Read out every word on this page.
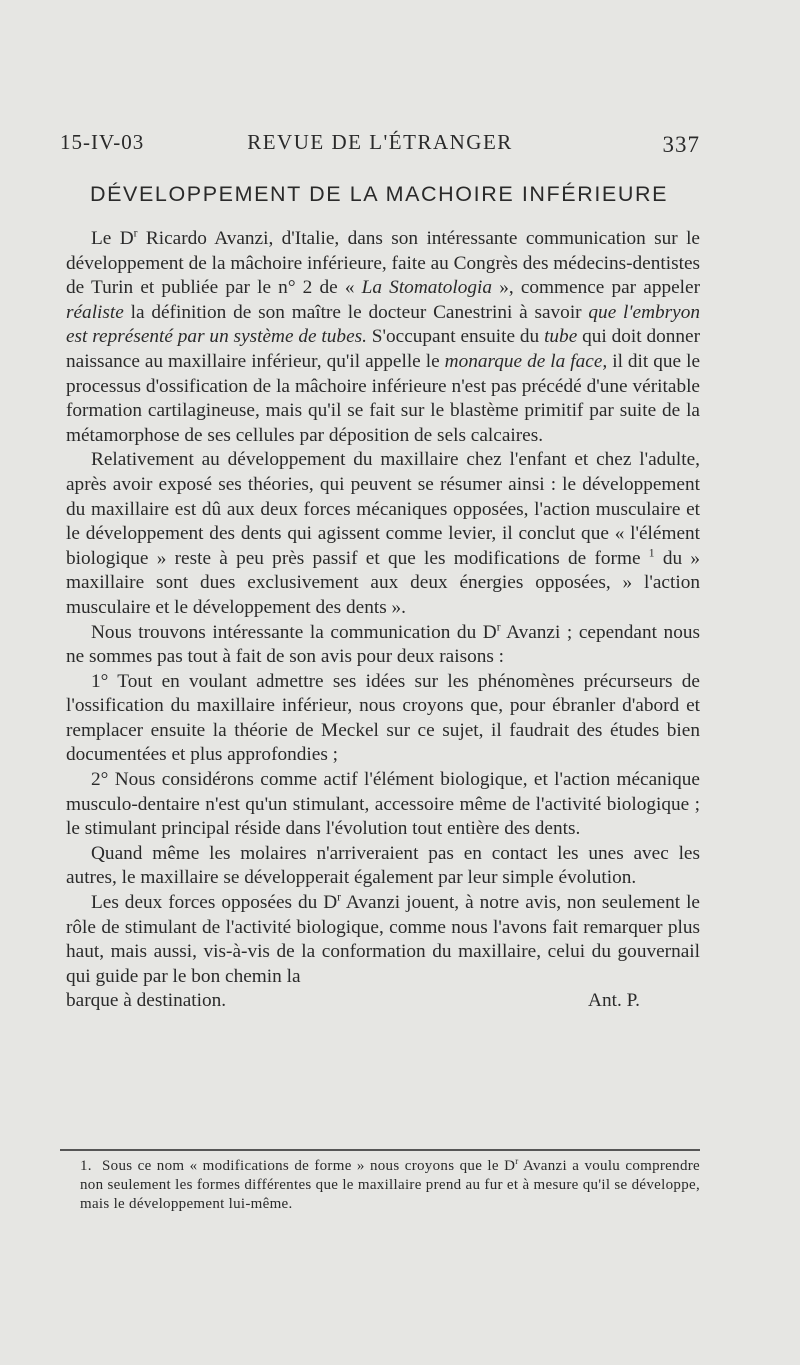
15-IV-03	REVUE DE L'ÉTRANGER	337
DÉVELOPPEMENT DE LA MACHOIRE INFÉRIEURE

Le $D^r$ Ricardo Avanzi, d'Italie, dans son intéressante communication sur le développement de la mâchoire inférieure, faite au Congrès des médecins-dentistes de Turin et publiée par le n° 2 de « La Stomatologia », commence par appeler réaliste la définition de son maître le docteur Canestrini à savoir que l'embryon est représenté par un système de tubes. S'occupant ensuite du tube qui doit donner naissance au maxillaire inférieur, qu'il appelle le monarque de la face, il dit que le processus d'ossification de la mâchoire inférieure n'est pas précédé d'une véritable formation cartilagineuse, mais qu'il se fait sur le blastème primitif par suite de la métamorphose de ses cellules par déposition de sels calcaires.

Relativement au développement du maxillaire chez l'enfant et chez l'adulte, après avoir exposé ses théories, qui peuvent se résumer ainsi : le développement du maxillaire est dû aux deux forces mécaniques opposées, l'action musculaire et le développement des dents qui agissent comme levier, il conclut que « l'élément biologique » reste à peu près passif et que les modifications de forme $^1$ du » maxillaire sont dues exclusivement aux deux énergies opposées, » l'action musculaire et le développement des dents ».

Nous trouvons intéressante la communication du $D^r$ Avanzi ; cependant nous ne sommes pas tout à fait de son avis pour deux raisons :

1° Tout en voulant admettre ses idées sur les phénomènes précurseurs de l'ossification du maxillaire inférieur, nous croyons que, pour ébranler d'abord et remplacer ensuite la théorie de Meckel sur ce sujet, il faudrait des études bien documentées et plus approfondies ;

2° Nous considérons comme actif l'élément biologique, et l'action mécanique musculo-dentaire n'est qu'un stimulant, accessoire même de l'activité biologique ; le stimulant principal réside dans l'évolution tout entière des dents.

Quand même les molaires n'arriveraient pas en contact les unes avec les autres, le maxillaire se développerait également par leur simple évolution.

Les deux forces opposées du $D^r$ Avanzi jouent, à notre avis, non seulement le rôle de stimulant de l'activité biologique, comme nous l'avons fait remarquer plus haut, mais aussi, vis-à-vis de la conformation du maxillaire, celui du gouvernail qui guide par le bon chemin la

barque à destination.	Ant. P.

1. Sous ce nom « modifications de forme » nous croyons que le $D^r$ Avanzi a voulu comprendre non seulement les formes différentes que le maxillaire prend au fur et à mesure qu'il se développe, mais le développement lui-même.
